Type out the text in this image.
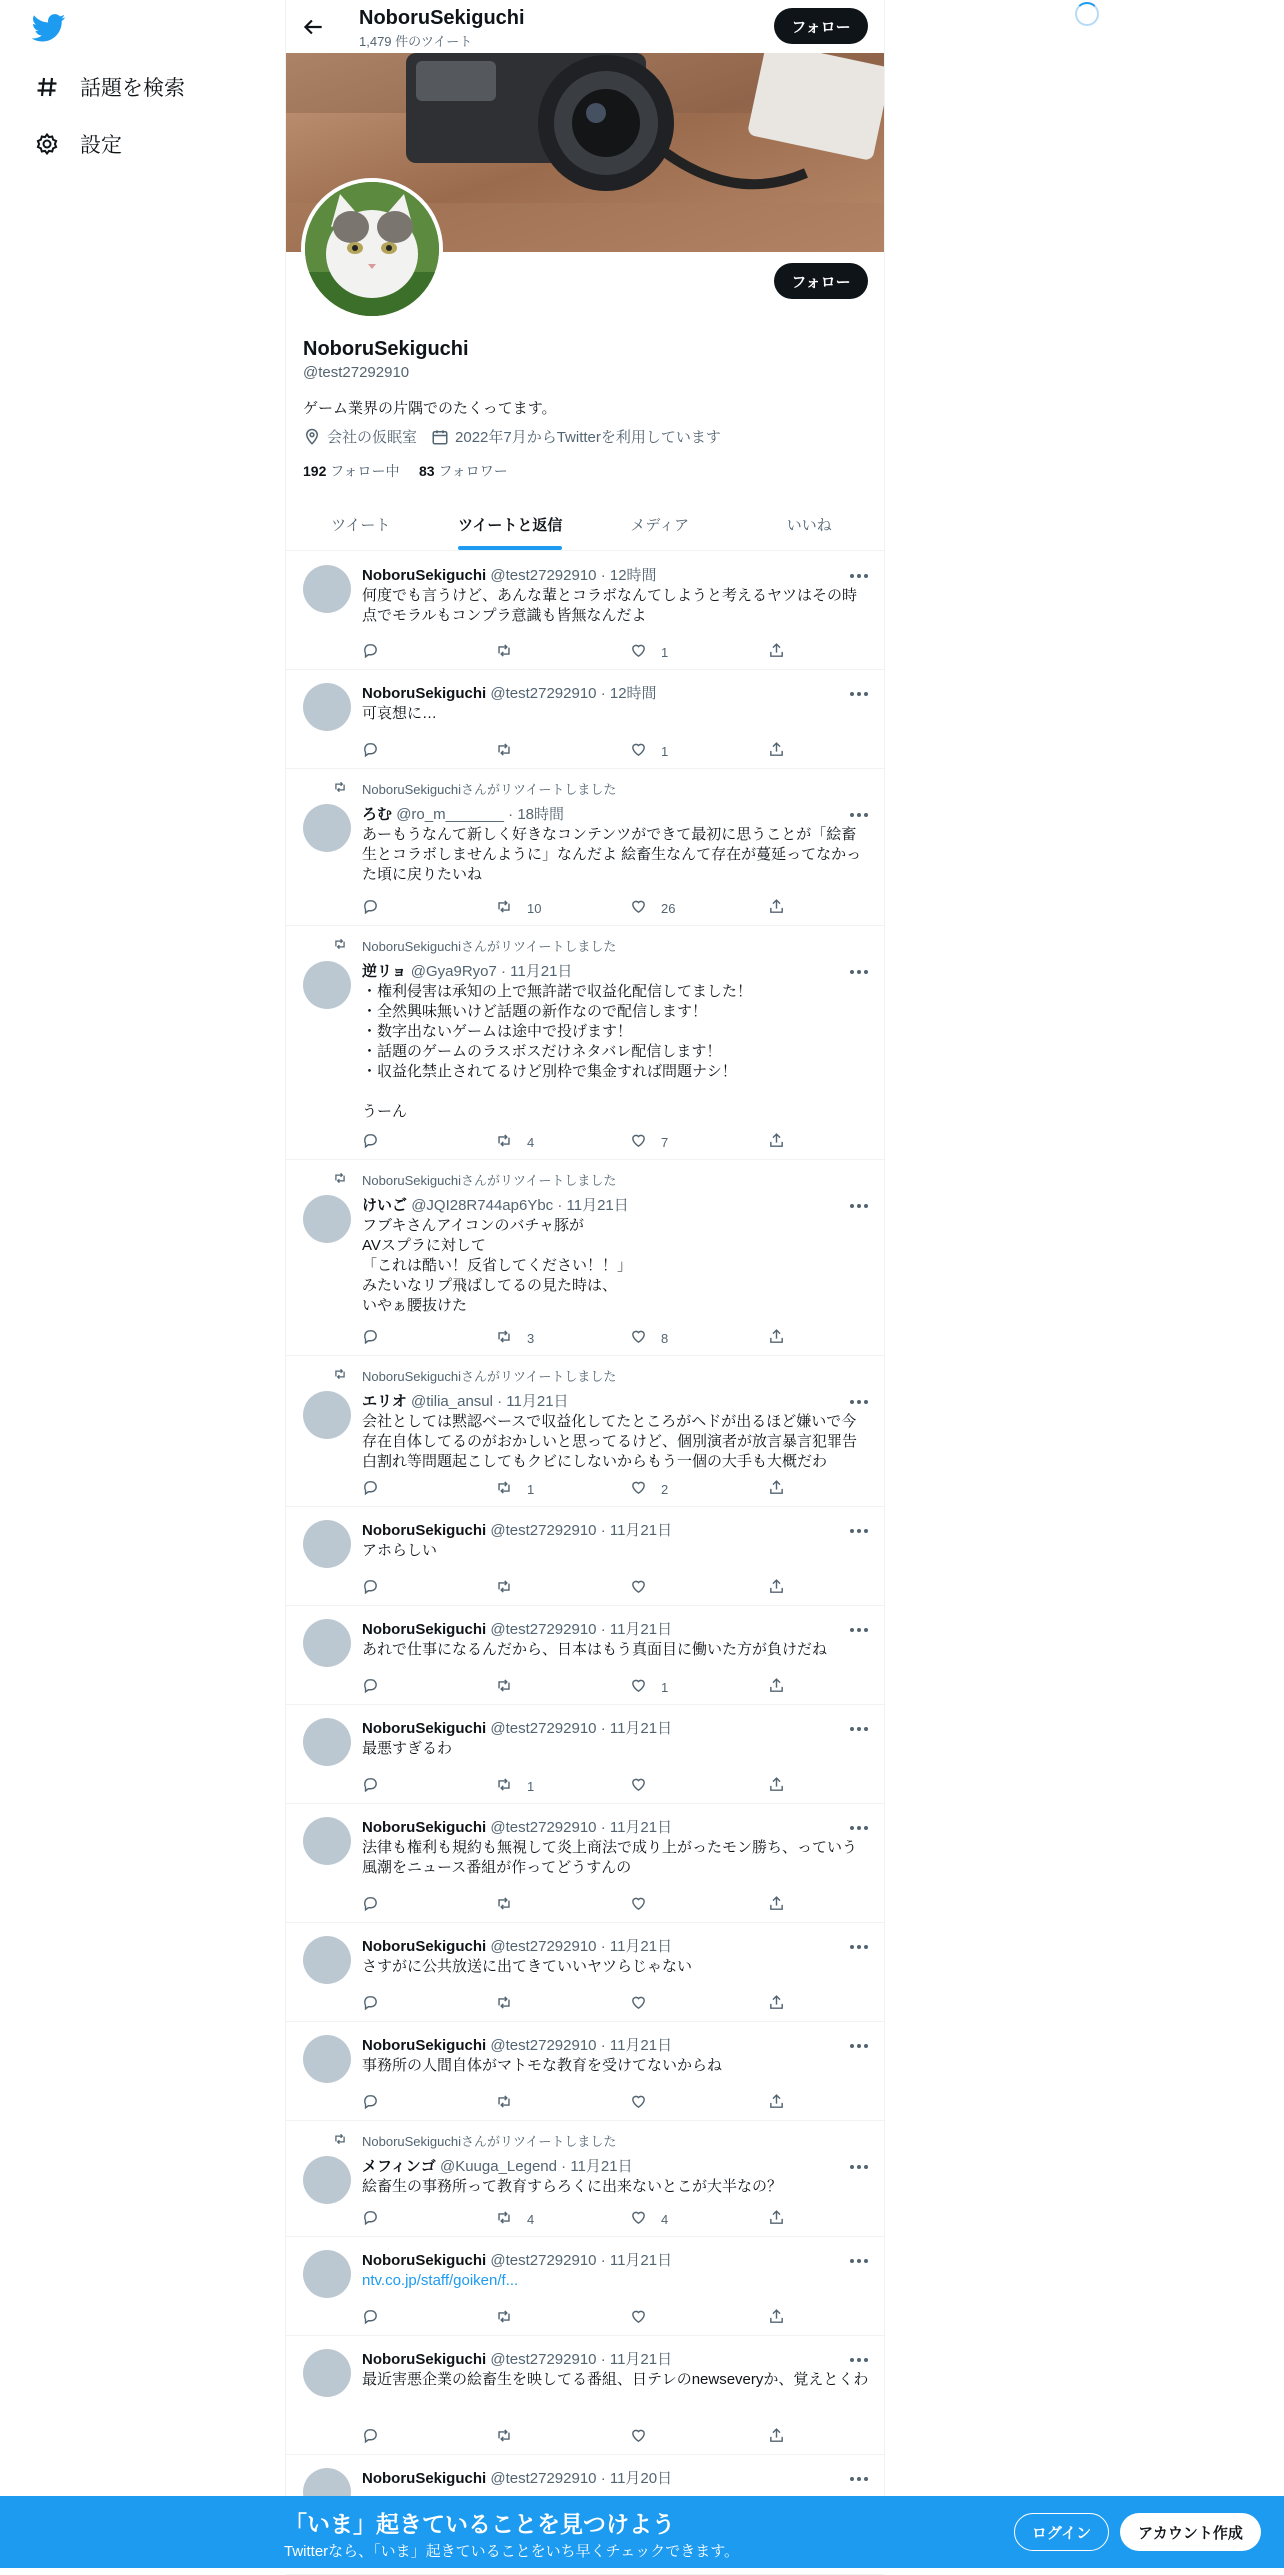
話題を検索
設定
NoboruSekiguchi
1,479 件のツイート
フォロー
フォロー
NoboruSekiguchi
@test27292910
ゲーム業界の片隅でのたくってます。
会社の仮眠室	2022年7月からTwitterを利用しています
192 フォロー中 83 フォロワー
ツイート	ツイートと返信	メディア	いいね
NoboruSekiguchi @test27292910 · 12時間
何度でも言うけど、あんな輩とコラボなんてしようと考えるヤツはその時点でモラルもコンプラ意識も皆無なんだよ
1
NoboruSekiguchi @test27292910 · 12時間
可哀想に…
1
NoboruSekiguchiさんがリツイートしました
ろむ @ro_m_______ · 18時間
あーもうなんて新しく好きなコンテンツができて最初に思うことが「絵畜生とコラボしませんように」なんだよ 絵畜生なんて存在が蔓延ってなかった頃に戻りたいね
10	26
NoboruSekiguchiさんがリツイートしました
逆リョ @Gya9Ryo7 · 11月21日
・権利侵害は承知の上で無許諾で収益化配信してました！
・全然興味無いけど話題の新作なので配信します！
・数字出ないゲームは途中で投げます！
・話題のゲームのラスボスだけネタバレ配信します！
・収益化禁止されてるけど別枠で集金すれば問題ナシ！

うーん
4	7
NoboruSekiguchiさんがリツイートしました
けいご @JQI28R744ap6Ybc · 11月21日
フブキさんアイコンのバチャ豚が
AVスプラに対して
「これは酷い！反省してください！！」
みたいなリプ飛ばしてるの見た時は、
いやぁ腰抜けた
3	8
NoboruSekiguchiさんがリツイートしました
エリオ @tilia_ansul · 11月21日
会社としては黙認ベースで収益化してたところがヘドが出るほど嫌いで今存在自体してるのがおかしいと思ってるけど、個別演者が放言暴言犯罪告白割れ等問題起こしてもクビにしないからもう一個の大手も大概だわ
1	2
NoboruSekiguchi @test27292910 · 11月21日
アホらしい
NoboruSekiguchi @test27292910 · 11月21日
あれで仕事になるんだから、日本はもう真面目に働いた方が負けだね
1
NoboruSekiguchi @test27292910 · 11月21日
最悪すぎるわ
1
NoboruSekiguchi @test27292910 · 11月21日
法律も権利も規約も無視して炎上商法で成り上がったモン勝ち、っていう風潮をニュース番組が作ってどうすんの
NoboruSekiguchi @test27292910 · 11月21日
さすがに公共放送に出てきていいヤツらじゃない
NoboruSekiguchi @test27292910 · 11月21日
事務所の人間自体がマトモな教育を受けてないからね
NoboruSekiguchiさんがリツイートしました
メフィンゴ @Kuuga_Legend · 11月21日
絵畜生の事務所って教育すらろくに出来ないとこが大半なの？
4	4
NoboruSekiguchi @test27292910 · 11月21日
ntv.co.jp/staff/goiken/f...
NoboruSekiguchi @test27292910 · 11月21日
最近害悪企業の絵畜生を映してる番組、日テレのnewseveryか、覚えとくわ
NoboruSekiguchi @test27292910 · 11月20日
「いま」起きていることを見つけよう
Twitterなら、「いま」起きていることをいち早くチェックできます。
ログイン	アカウント作成
